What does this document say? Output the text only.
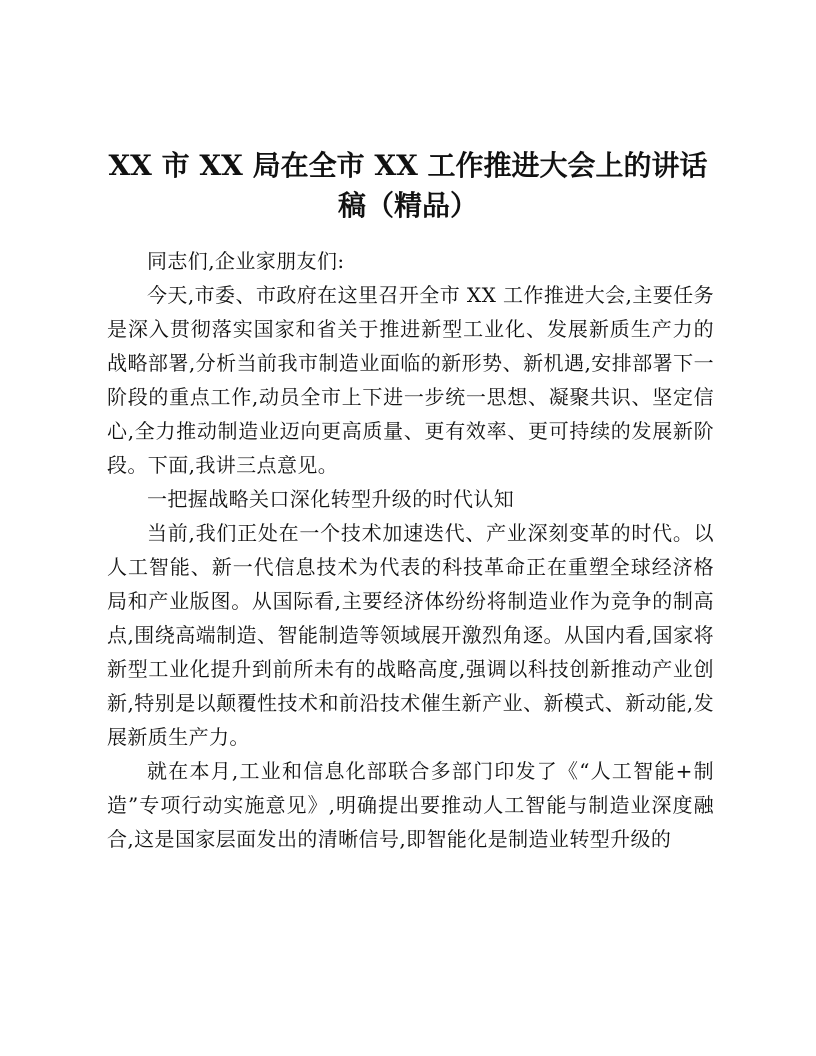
XX 市 XX 局在全市 XX 工作推进大会上的讲话稿（精品）

同志们,企业家朋友们:

今天,市委、市政府在这里召开全市 XX 工作推进大会,主要任务是深入贯彻落实国家和省关于推进新型工业化、发展新质生产力的战略部署,分析当前我市制造业面临的新形势、新机遇,安排部署下一阶段的重点工作,动员全市上下进一步统一思想、凝聚共识、坚定信心,全力推动制造业迈向更高质量、更有效率、更可持续的发展新阶段。下面,我讲三点意见。

一把握战略关口深化转型升级的时代认知

当前,我们正处在一个技术加速迭代、产业深刻变革的时代。以人工智能、新一代信息技术为代表的科技革命正在重塑全球经济格局和产业版图。从国际看,主要经济体纷纷将制造业作为竞争的制高点,围绕高端制造、智能制造等领域展开激烈角逐。从国内看,国家将新型工业化提升到前所未有的战略高度,强调以科技创新推动产业创新,特别是以颠覆性技术和前沿技术催生新产业、新模式、新动能,发展新质生产力。

就在本月,工业和信息化部联合多部门印发了《“人工智能+制造”专项行动实施意见》,明确提出要推动人工智能与制造业深度融合,这是国家层面发出的清晰信号,即智能化是制造业转型升级的
